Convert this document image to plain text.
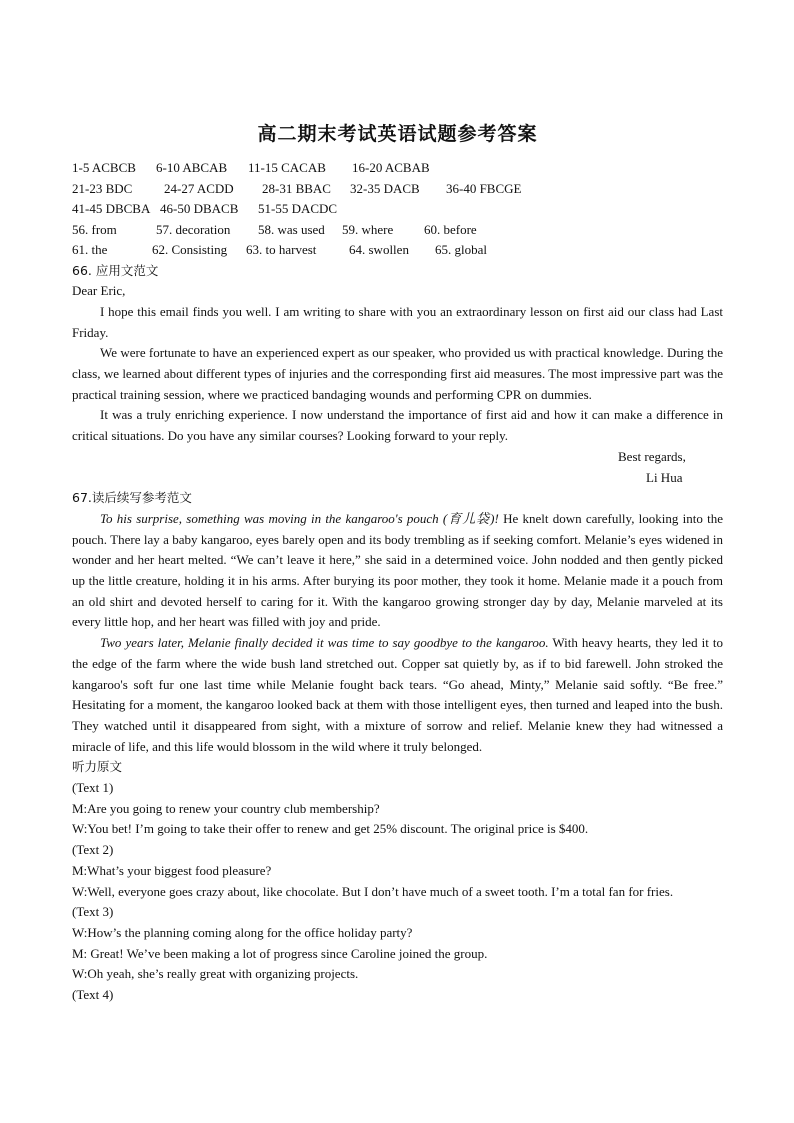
高二期末考试英语试题参考答案
1-5 ACBCB	6-10 ABCAB	11-15 CACAB	16-20 ACBAB
21-23 BDC	24-27 ACDD	28-31 BBAC	32-35 DACB	36-40 FBCGE
41-45 DBCBA 46-50 DBACB	51-55 DACDC
56. from	57. decoration	58. was used	59. where	60. before
61. the	62. Consisting	63. to harvest	64. swollen	65. global

66. 应用文范文

Dear Eric,

I hope this email finds you well. I am writing to share with you an extraordinary lesson on first aid our class had Last Friday.

We were fortunate to have an experienced expert as our speaker, who provided us with practical knowledge. During the class, we learned about different types of injuries and the corresponding first aid measures. The most impressive part was the practical training session, where we practiced bandaging wounds and performing CPR on dummies.

It was a truly enriching experience. I now understand the importance of first aid and how it can make a difference in critical situations. Do you have any similar courses? Looking forward to your reply.

Best regards,

Li Hua

67.读后续写参考范文

To his surprise, something was moving in the kangaroo's pouch (育儿袋)! He knelt down carefully, looking into the pouch. There lay a baby kangaroo, eyes barely open and its body trembling as if seeking comfort. Melanie’s eyes widened in wonder and her heart melted. “We can’t leave it here,” she said in a determined voice. John nodded and then gently picked up the little creature, holding it in his arms. After burying its poor mother, they took it home. Melanie made it a pouch from an old shirt and devoted herself to caring for it. With the kangaroo growing stronger day by day, Melanie marveled at its every little hop, and her heart was filled with joy and pride.

Two years later, Melanie finally decided it was time to say goodbye to the kangaroo. With heavy hearts, they led it to the edge of the farm where the wide bush land stretched out. Copper sat quietly by, as if to bid farewell. John stroked the kangaroo's soft fur one last time while Melanie fought back tears. “Go ahead, Minty,” Melanie said softly. “Be free.” Hesitating for a moment, the kangaroo looked back at them with those intelligent eyes, then turned and leaped into the bush. They watched until it disappeared from sight, with a mixture of sorrow and relief. Melanie knew they had witnessed a miracle of life, and this life would blossom in the wild where it truly belonged.

听力原文

(Text 1)

M:Are you going to renew your country club membership?

W:You bet! I’m going to take their offer to renew and get 25% discount. The original price is $400.

(Text 2)

M:What’s your biggest food pleasure?

W:Well, everyone goes crazy about, like chocolate. But I don’t have much of a sweet tooth. I’m a total fan for fries.

(Text 3)

W:How’s the planning coming along for the office holiday party?

M: Great! We’ve been making a lot of progress since Caroline joined the group.

W:Oh yeah, she’s really great with organizing projects.

(Text 4)
